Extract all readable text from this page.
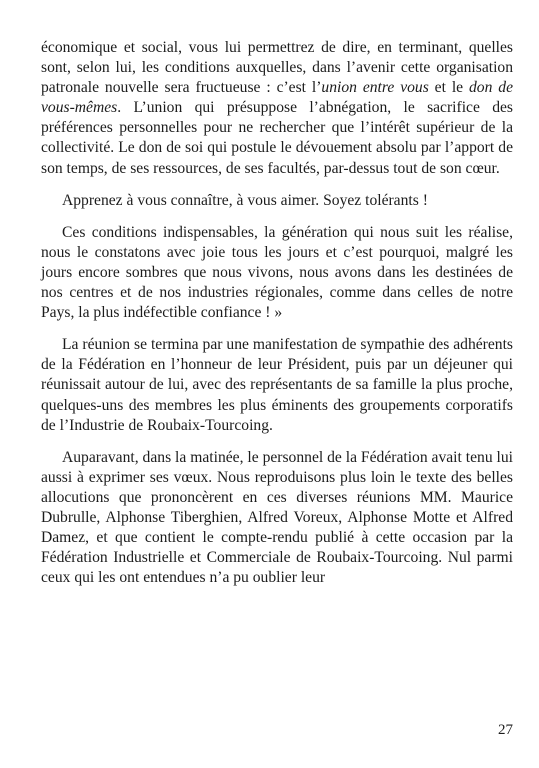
économique et social, vous lui permettrez de dire, en terminant, quelles sont, selon lui, les conditions auxquelles, dans l’avenir cette organisation patronale nouvelle sera fructueuse : c’est l’union entre vous et le don de vous-mêmes. L’union qui présuppose l’abnégation, le sacrifice des préférences personnelles pour ne rechercher que l’intérêt supérieur de la collectivité. Le don de soi qui postule le dévouement absolu par l’apport de son temps, de ses ressources, de ses facultés, par-dessus tout de son cœur.

Apprenez à vous connaître, à vous aimer. Soyez tolérants !

Ces conditions indispensables, la génération qui nous suit les réalise, nous le constatons avec joie tous les jours et c’est pourquoi, malgré les jours encore sombres que nous vivons, nous avons dans les destinées de nos centres et de nos industries régionales, comme dans celles de notre Pays, la plus indéfectible confiance ! »

La réunion se termina par une manifestation de sympathie des adhérents de la Fédération en l’honneur de leur Président, puis par un déjeuner qui réunissait autour de lui, avec des représentants de sa famille la plus proche, quelques-uns des membres les plus éminents des groupements corporatifs de l’Industrie de Roubaix-Tourcoing.

Auparavant, dans la matinée, le personnel de la Fédération avait tenu lui aussi à exprimer ses vœux. Nous reproduisons plus loin le texte des belles allocutions que prononcèrent en ces diverses réunions MM. Maurice Dubrulle, Alphonse Tiberghien, Alfred Voreux, Alphonse Motte et Alfred Damez, et que contient le compte-rendu publié à cette occasion par la Fédération Industrielle et Commerciale de Roubaix-Tourcoing. Nul parmi ceux qui les ont entendues n’a pu oublier leur

27
